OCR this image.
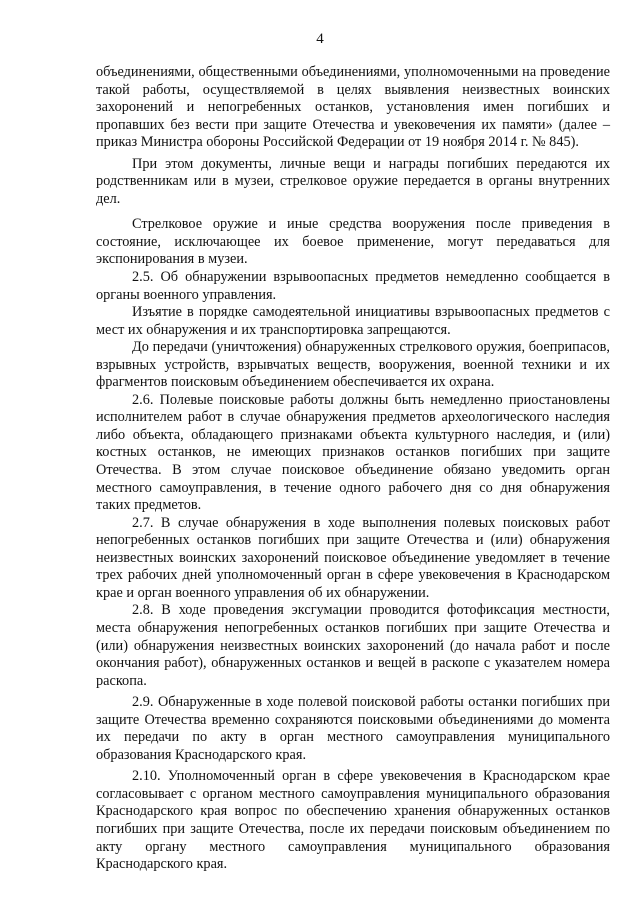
4

объединениями, общественными объединениями, уполномоченными на проведение такой работы, осуществляемой в целях выявления неизвестных воинских захоронений и непогребенных останков, установления имен погибших и пропавших без вести при защите Отечества и увековечения их памяти» (далее – приказ Министра обороны Российской Федерации от 19 ноября 2014 г. № 845).

При этом документы, личные вещи и награды погибших передаются их родственникам или в музеи, стрелковое оружие передается в органы внутренних дел.

Стрелковое оружие и иные средства вооружения после приведения в состояние, исключающее их боевое применение, могут передаваться для экспонирования в музеи.

2.5. Об обнаружении взрывоопасных предметов немедленно сообщается в органы военного управления.

Изъятие в порядке самодеятельной инициативы взрывоопасных предметов с мест их обнаружения и их транспортировка запрещаются.

До передачи (уничтожения) обнаруженных стрелкового оружия, боеприпасов, взрывных устройств, взрывчатых веществ, вооружения, военной техники и их фрагментов поисковым объединением обеспечивается их охрана.

2.6. Полевые поисковые работы должны быть немедленно приостановлены исполнителем работ в случае обнаружения предметов археологического наследия либо объекта, обладающего признаками объекта культурного наследия, и (или) костных останков, не имеющих признаков останков погибших при защите Отечества. В этом случае поисковое объединение обязано уведомить орган местного самоуправления, в течение одного рабочего дня со дня обнаружения таких предметов.

2.7. В случае обнаружения в ходе выполнения полевых поисковых работ непогребенных останков погибших при защите Отечества и (или) обнаружения неизвестных воинских захоронений поисковое объединение уведомляет в течение трех рабочих дней уполномоченный орган в сфере увековечения в Краснодарском крае и орган военного управления об их обнаружении.

2.8. В ходе проведения эксгумации проводится фотофиксация местности, места обнаружения непогребенных останков погибших при защите Отечества и (или) обнаружения неизвестных воинских захоронений (до начала работ и после окончания работ), обнаруженных останков и вещей в раскопе с указателем номера раскопа.

2.9. Обнаруженные в ходе полевой поисковой работы останки погибших при защите Отечества временно сохраняются поисковыми объединениями до момента их передачи по акту в орган местного самоуправления муниципального образования Краснодарского края.

2.10. Уполномоченный орган в сфере увековечения в Краснодарском крае согласовывает с органом местного самоуправления муниципального образования Краснодарского края вопрос по обеспечению хранения обнаруженных останков погибших при защите Отечества, после их передачи поисковым объединением по акту органу местного самоуправления муниципального образования Краснодарского края.
